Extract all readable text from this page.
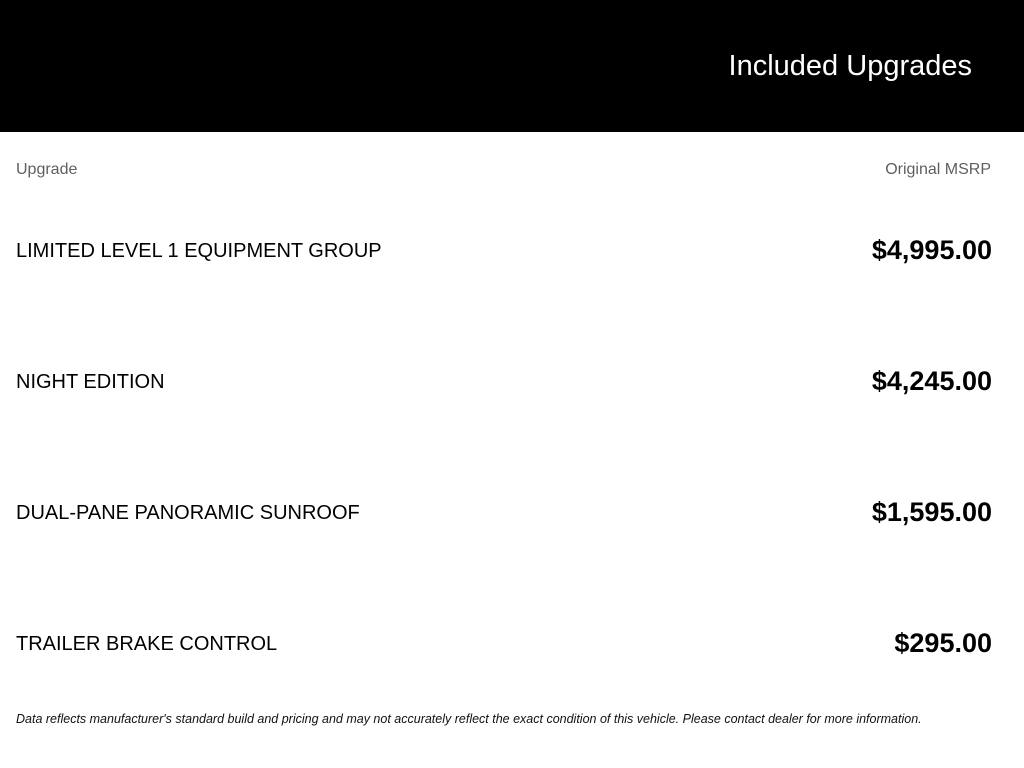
Included Upgrades
Upgrade	Original MSRP
LIMITED LEVEL 1 EQUIPMENT GROUP	$4,995.00
NIGHT EDITION	$4,245.00
DUAL-PANE PANORAMIC SUNROOF	$1,595.00
TRAILER BRAKE CONTROL	$295.00
Data reflects manufacturer's standard build and pricing and may not accurately reflect the exact condition of this vehicle. Please contact dealer for more information.
